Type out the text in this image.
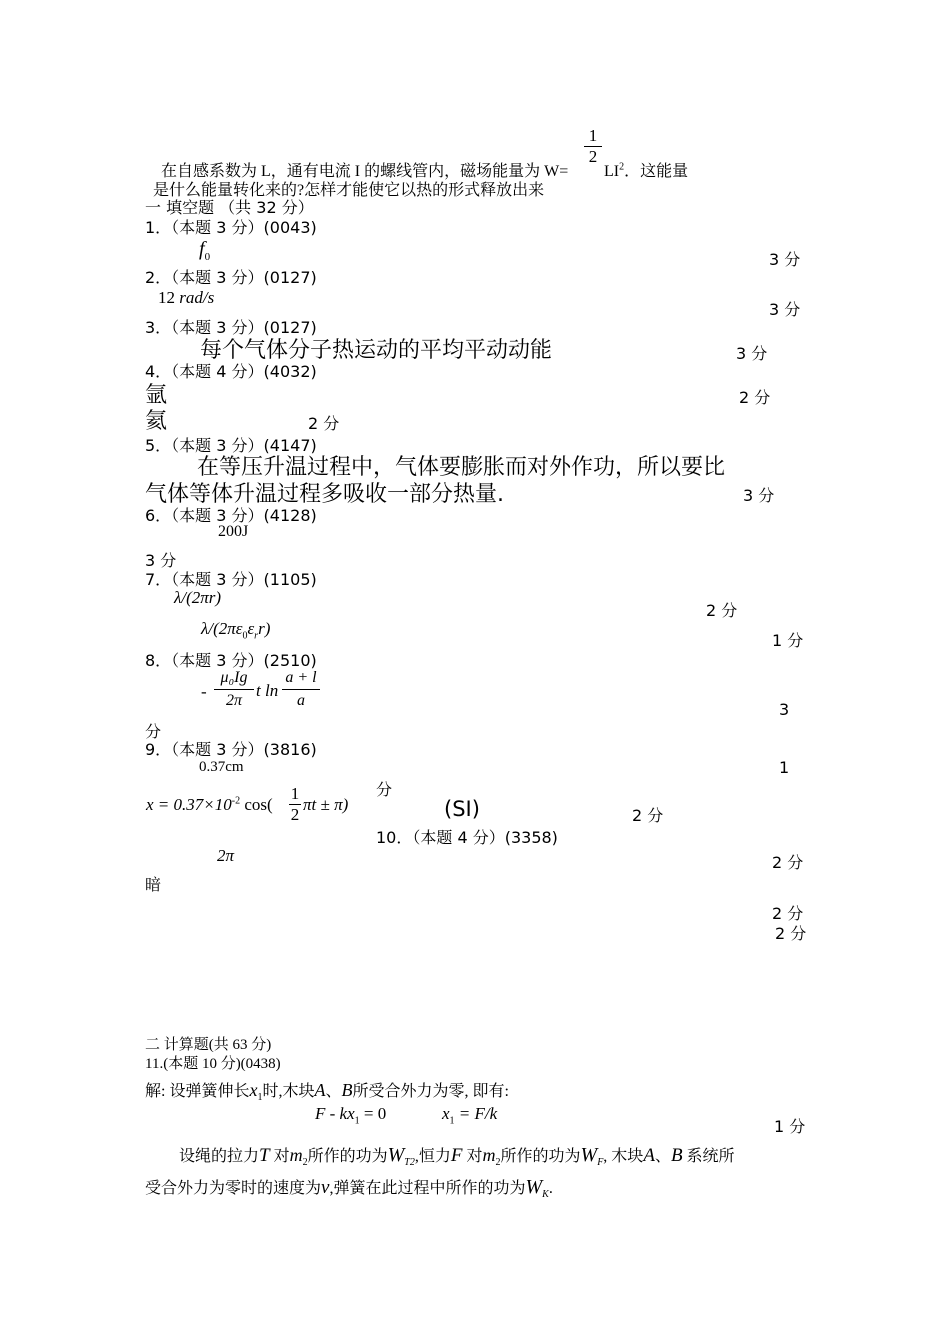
在自感系数为 L，通有电流 I 的螺线管内，磁场能量为 W=
$\frac{1}{2}$
$LI^2$．这能量
是什么能量转化来的?怎样才能使它以热的形式释放出来
一 填空题 （共 32 分）
1．（本题 3 分）(0043)
$f_0$	3 分
2．（本题 3 分）(0127)
12 rad/s
3 分
3．（本题 3 分）(0127)
每个气体分子热运动的平均平动动能	3 分
4．（本题 4 分）(4032)
氩	2 分
氦	2 分
5．（本题 3 分）(4147)
在等压升温过程中，气体要膨胀而对外作功，所以要比
气体等体升温过程多吸收一部分热量.	3 分
6．（本题 3 分）(4128)
200J
3 分
7．（本题 3 分）(1105)
λ/(2πr)
2 分
$\lambda/(2\pi\varepsilon_0\varepsilon_rr)$
1 分
8．（本题 3 分）(2510)
- $\frac{\text{μ₀Ig}}{2\pi}$ t $\ln \frac{a + l}{a}$	3
分
9．（本题 3 分）(3816)
0.37cm	1
分
$x = 0.37\times 10^{-2}$ $\cos( \frac{1}{2}$ πt ± π)	(SI)	2 分
10．（本题 4 分）(3358)
2π	2 分
暗
2 分
2 分
二 计算题(共 63 分)
11.(本题 10 分)(0438)
解: 设弹簧伸长$x_1$时,木块A、B所受合外力为零, 即有:
$F - kx_1 = 0$	$x_1 = F/k$
1 分
设绳的拉力T 对$m_2$所作的功为$W_{T2}$,恒力F 对$m_2$所作的功为$W_F$, 木块A、B 系统所
受合外力为零时的速度为v,弹簧在此过程中所作的功为$W_K$.
